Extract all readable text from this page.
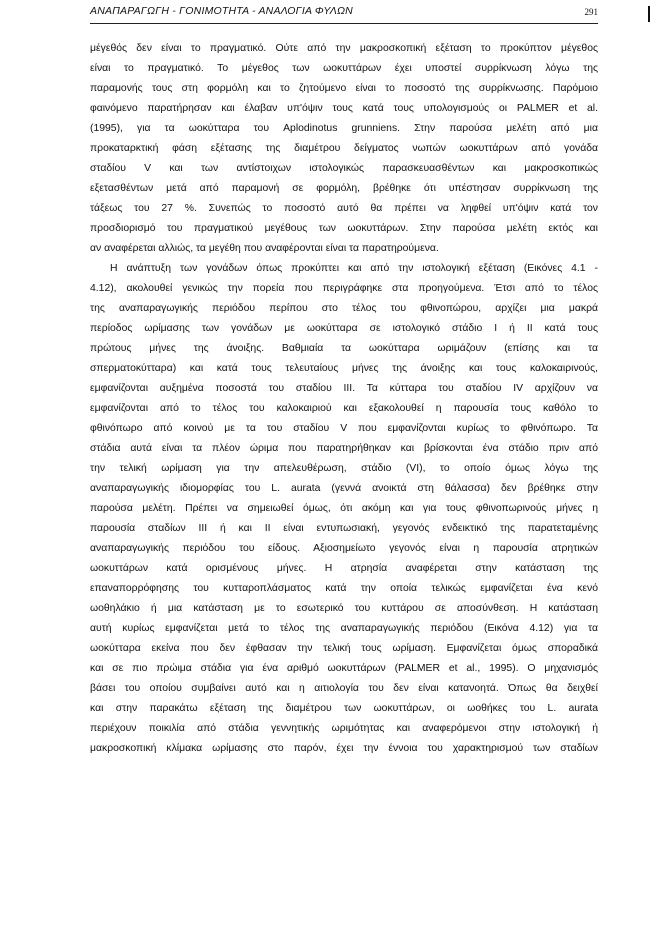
ΑΝΑΠΑΡΑΓΩΓΗ - ΓΟΝΙΜΟΤΗΤΑ - ΑΝΑΛΟΓΙΑ ΦΥΛΩΝ	291
μέγεθός δεν είναι το πραγματικό. Ούτε από την μακροσκοπική εξέταση το προκύπτον μέγεθος
είναι το πραγματικό. Το μέγεθος των ωοκυττάρων έχει υποστεί συρρίκνωση λόγω της
παραμονής τους στη φορμόλη και το ζητούμενο είναι το ποσοστό της συρρίκνωσης. Παρόμοιο
φαινόμενο παρατήρησαν και έλαβαν υπ'όψιν τους κατά τους υπολογισμούς οι PALMER et al.
(1995), για τα ωοκύτταρα του Aplodinotus grunniens. Στην παρούσα μελέτη από μια
προκαταρκτική φάση εξέτασης της διαμέτρου δείγματος νωπών ωοκυττάρων από γονάδα
σταδίου V και των αντίστοιχων ιστολογικώς παρασκευασθέντων και μακροσκοπικώς
εξετασθέντων μετά από παραμονή σε φορμόλη, βρέθηκε ότι υπέστησαν συρρίκνωση της
τάξεως του 27 %. Συνεπώς το ποσοστό αυτό θα πρέπει να ληφθεί υπ'όψιν κατά τον
προσδιορισμό του πραγματικού μεγέθους των ωοκυττάρων. Στην παρούσα μελέτη εκτός και
αν αναφέρεται αλλιώς, τα μεγέθη που αναφέρονται είναι τα παρατηρούμενα.
Η ανάπτυξη των γονάδων όπως προκύπτει και από την ιστολογική εξέταση (Εικόνες 4.1 -
4.12), ακολουθεί γενικώς την πορεία που περιγράφηκε στα προηγούμενα. Έτσι από το τέλος
της αναπαραγωγικής περιόδου περίπου στο τέλος του φθινοπώρου, αρχίζει μια μακρά
περίοδος ωρίμασης των γονάδων με ωοκύτταρα σε ιστολογικό στάδιο Ι ή ΙΙ κατά τους
πρώτους μήνες της άνοιξης. Βαθμιαία τα ωοκύτταρα ωριμάζουν (επίσης και τα
σπερματοκύτταρα) και κατά τους τελευταίους μήνες της άνοιξης και τους καλοκαιρινούς,
εμφανίζονται αυξημένα ποσοστά του σταδίου ΙΙΙ. Τα κύτταρα του σταδίου IV αρχίζουν να
εμφανίζονται από το τέλος του καλοκαιριού και εξακολουθεί η παρουσία τους καθόλο το
φθινόπωρο από κοινού με τα του σταδίου V που εμφανίζονται κυρίως το φθινόπωρο. Τα
στάδια αυτά είναι τα πλέον ώριμα που παρατηρήθηκαν και βρίσκονται ένα στάδιο πριν από
την τελική ωρίμαση για την απελευθέρωση, στάδιο (VI), το οποίο όμως λόγω της
αναπαραγωγικής ιδιομορφίας του L. aurata (γεννά ανοικτά στη θάλασσα) δεν βρέθηκε στην
παρούσα μελέτη. Πρέπει να σημειωθεί όμως, ότι ακόμη και για τους φθινοπωρινούς μήνες η
παρουσία σταδίων ΙΙΙ ή και ΙΙ είναι εντυπωσιακή, γεγονός ενδεικτικό της παρατεταμένης
αναπαραγωγικής περιόδου του είδους. Αξιοσημείωτο γεγονός είναι η παρουσία ατρητικών
ωοκυττάρων κατά ορισμένους μήνες. Η ατρησία αναφέρεται στην κατάσταση της
επαναπορρόφησης του κυτταροπλάσματος κατά την οποία τελικώς εμφανίζεται ένα κενό
ωοθηλάκιο ή μια κατάσταση με το εσωτερικό του κυττάρου σε αποσύνθεση. Η κατάσταση
αυτή κυρίως εμφανίζεται μετά το τέλος της αναπαραγωγικής περιόδου (Εικόνα 4.12) για τα
ωοκύτταρα εκείνα που δεν έφθασαν την τελική τους ωρίμαση. Εμφανίζεται όμως σποραδικά
και σε πιο πρώιμα στάδια για ένα αριθμό ωοκυττάρων (PALMER et al., 1995). Ο μηχανισμός
βάσει του οποίου συμβαίνει αυτό και η αιτιολογία του δεν είναι κατανοητά. Όπως θα δειχθεί
και στην παρακάτω εξέταση της διαμέτρου των ωοκυττάρων, οι ωοθήκες του L. aurata
περιέχουν ποικιλία από στάδια γεννητικής ωριμότητας και αναφερόμενοι στην ιστολογική ή
μακροσκοπική κλίμακα ωρίμασης στο παρόν, έχει την έννοια του χαρακτηρισμού των σταδίων
